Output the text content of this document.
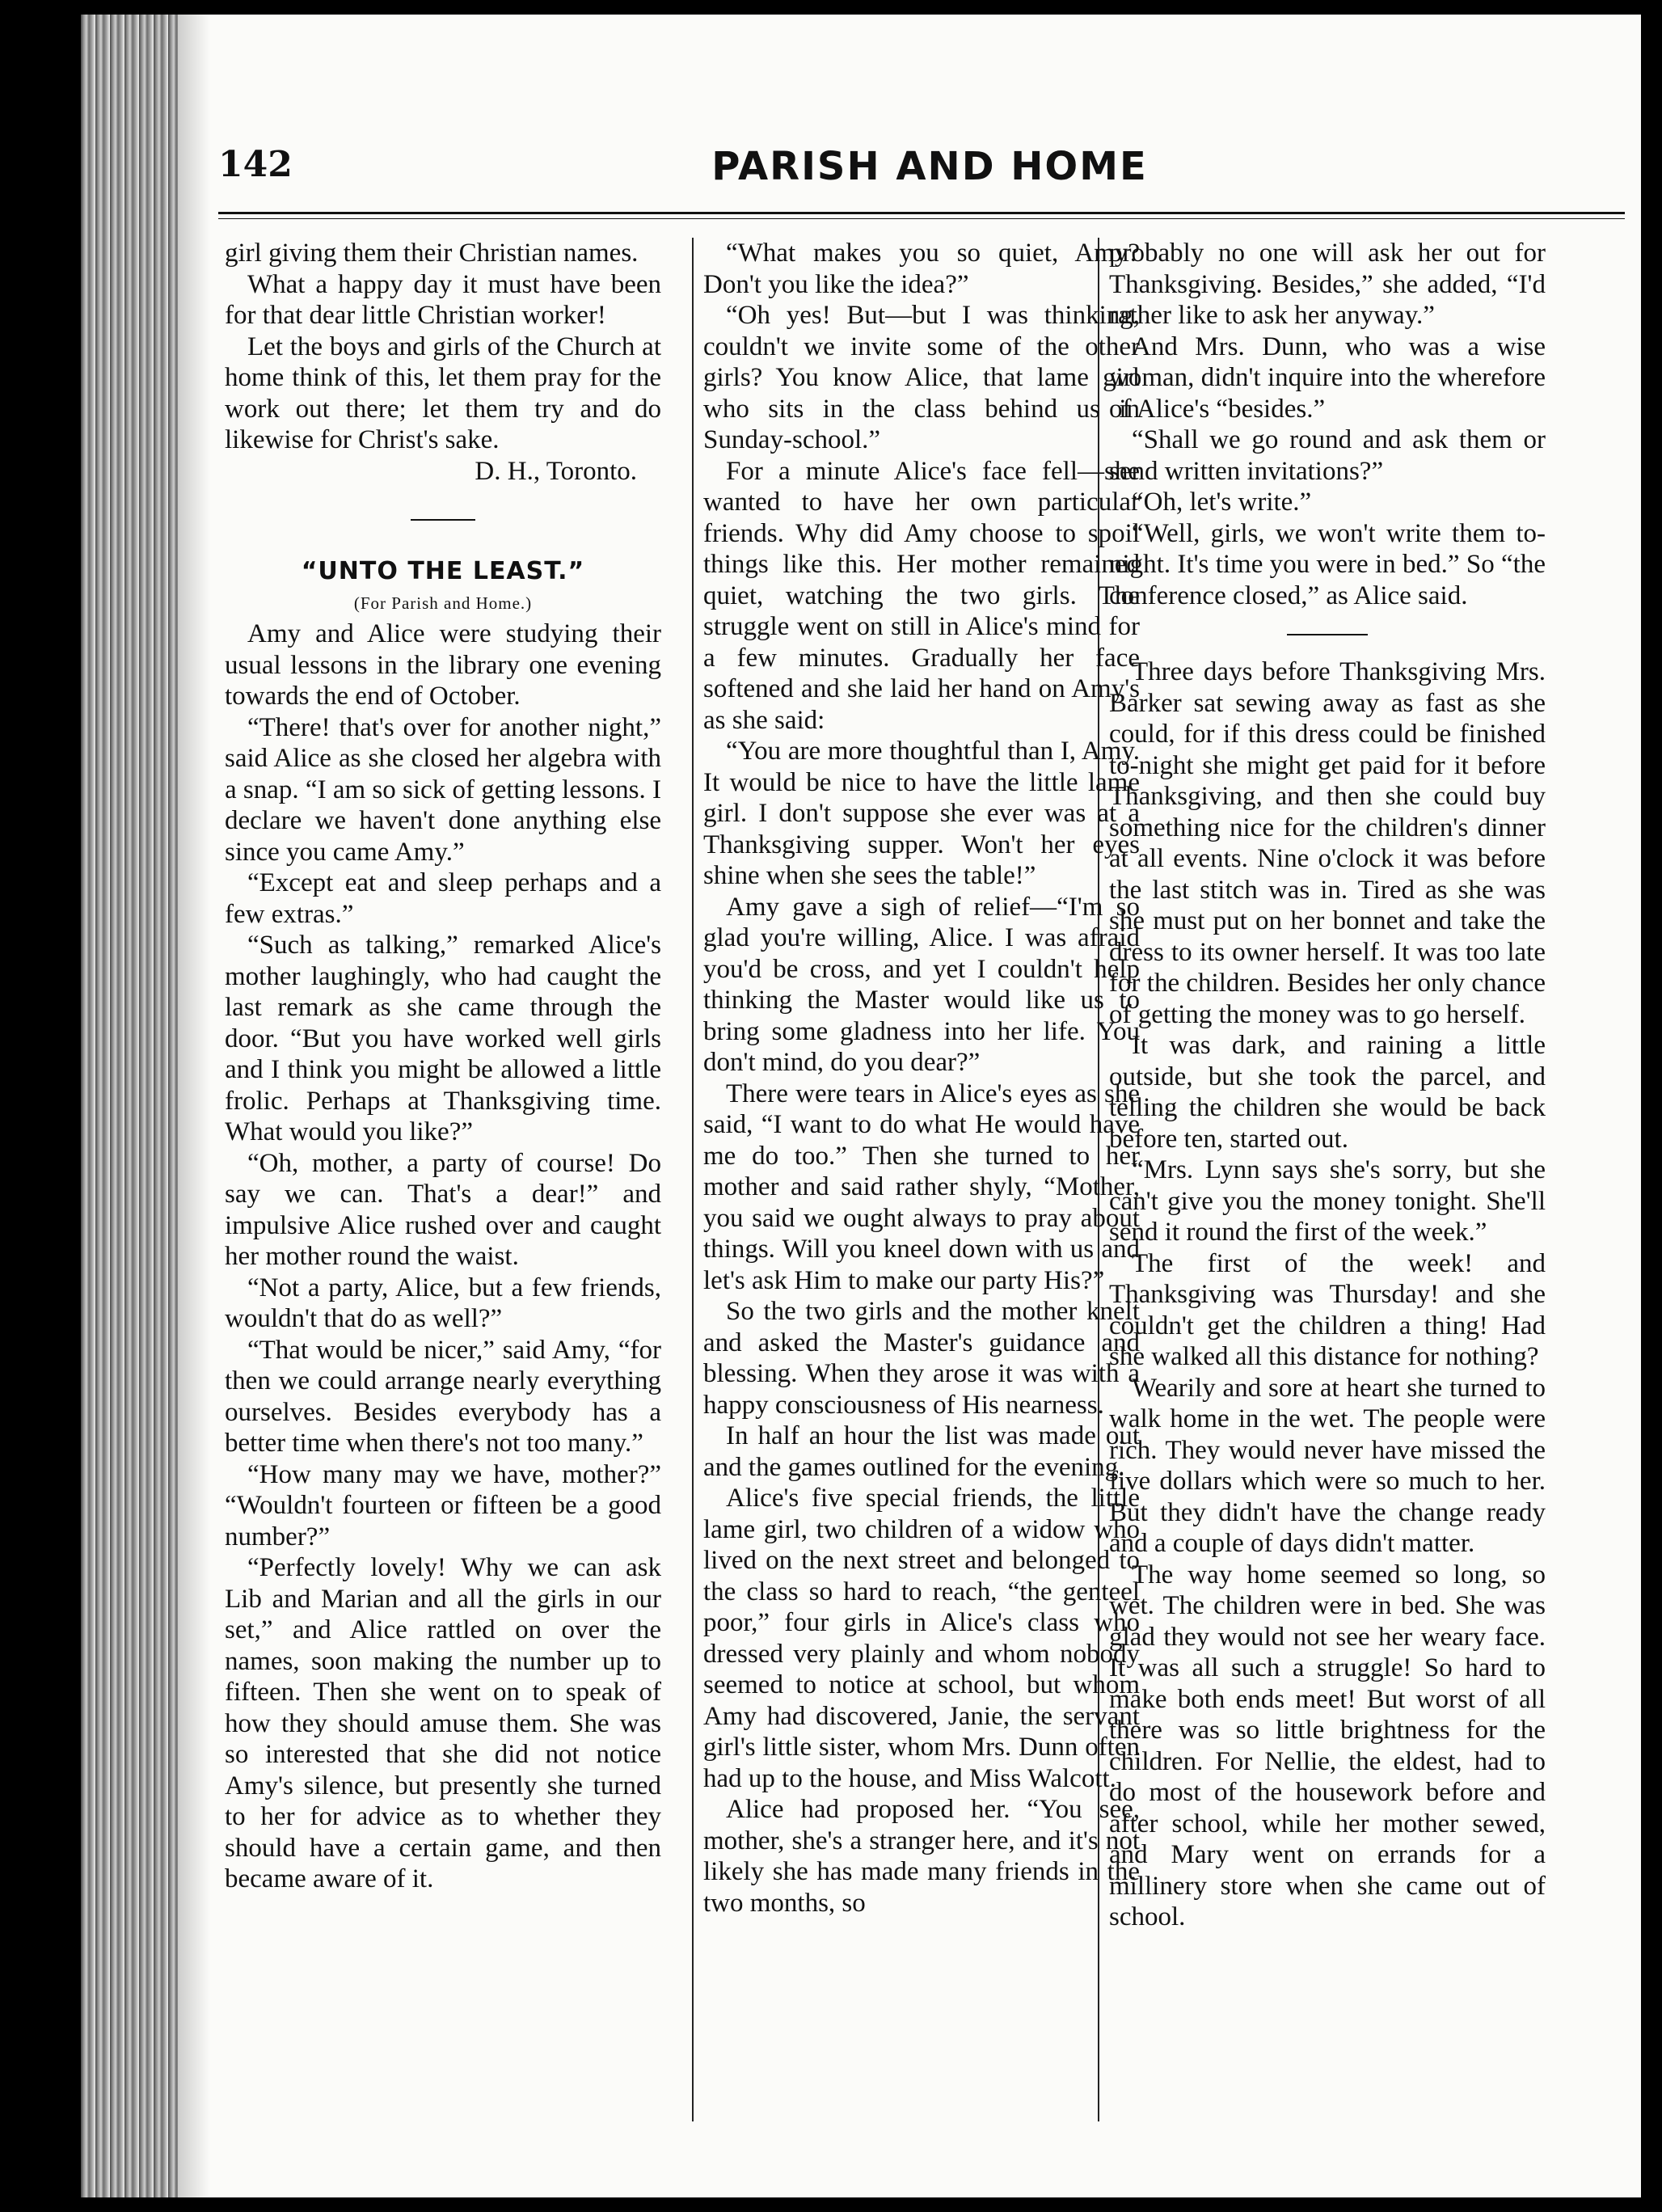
142	PARISH AND HOME

girl giving them their Christian names.

What a happy day it must have been for that dear little Christian worker!

Let the boys and girls of the Church at home think of this, let them pray for the work out there; let them try and do likewise for Christ's sake.

D. H., Toronto.

“UNTO THE LEAST.”

(For Parish and Home.)

Amy and Alice were studying their usual lessons in the library one evening towards the end of October.

“There! that's over for another night,” said Alice as she closed her algebra with a snap. “I am so sick of getting lessons. I declare we haven't done anything else since you came Amy.”

“Except eat and sleep perhaps and a few extras.”

“Such as talking,” remarked Alice's mother laughingly, who had caught the last remark as she came through the door. “But you have worked well girls and I think you might be allowed a little frolic. Perhaps at Thanksgiving time. What would you like?”

“Oh, mother, a party of course! Do say we can. That's a dear!” and impulsive Alice rushed over and caught her mother round the waist.

“Not a party, Alice, but a few friends, wouldn't that do as well?”

“That would be nicer,” said Amy, “for then we could arrange nearly everything ourselves. Besides everybody has a better time when there's not too many.”

“How many may we have, mother?” “Wouldn't fourteen or fifteen be a good number?”

“Perfectly lovely! Why we can ask Lib and Marian and all the girls in our set,” and Alice rattled on over the names, soon making the number up to fifteen. Then she went on to speak of how they should amuse them. She was so interested that she did not notice Amy's silence, but presently she turned to her for advice as to whether they should have a certain game, and then became aware of it.

“What makes you so quiet, Amy? Don't you like the idea?”

“Oh yes! But—but I was thinking, couldn't we invite some of the other girls? You know Alice, that lame girl who sits in the class behind us in Sunday-school.”

For a minute Alice's face fell—she wanted to have her own particular friends. Why did Amy choose to spoil things like this. Her mother remained quiet, watching the two girls. The struggle went on still in Alice's mind for a few minutes. Gradually her face softened and she laid her hand on Amy's as she said:

“You are more thoughtful than I, Amy. It would be nice to have the little lame girl. I don't suppose she ever was at a Thanksgiving supper. Won't her eyes shine when she sees the table!”

Amy gave a sigh of relief—“I'm so glad you're willing, Alice. I was afraid you'd be cross, and yet I couldn't help thinking the Master would like us to bring some gladness into her life. You don't mind, do you dear?”

There were tears in Alice's eyes as she said, “I want to do what He would have me do too.” Then she turned to her mother and said rather shyly, “Mother, you said we ought always to pray about things. Will you kneel down with us and let's ask Him to make our party His?”

So the two girls and the mother knelt and asked the Master's guidance and blessing. When they arose it was with a happy consciousness of His nearness.

In half an hour the list was made out and the games outlined for the evening.

Alice's five special friends, the little lame girl, two children of a widow who lived on the next street and belonged to the class so hard to reach, “the genteel poor,” four girls in Alice's class who dressed very plainly and whom nobody seemed to notice at school, but whom Amy had discovered, Janie, the servant girl's little sister, whom Mrs. Dunn often had up to the house, and Miss Walcott.

Alice had proposed her. “You see, mother, she's a stranger here, and it's not likely she has made many friends in the two months, so

probably no one will ask her out for Thanksgiving. Besides,” she added, “I'd rather like to ask her anyway.”

And Mrs. Dunn, who was a wise woman, didn't inquire into the wherefore of Alice's “besides.”

“Shall we go round and ask them or send written invitations?”

“Oh, let's write.”

“Well, girls, we won't write them to-night. It's time you were in bed.” So “the conference closed,” as Alice said.

Three days before Thanksgiving Mrs. Barker sat sewing away as fast as she could, for if this dress could be finished to-night she might get paid for it before Thanksgiving, and then she could buy something nice for the children's dinner at all events. Nine o'clock it was before the last stitch was in. Tired as she was she must put on her bonnet and take the dress to its owner herself. It was too late for the children. Besides her only chance of getting the money was to go herself.

It was dark, and raining a little outside, but she took the parcel, and telling the children she would be back before ten, started out.

“Mrs. Lynn says she's sorry, but she can't give you the money tonight. She'll send it round the first of the week.”

The first of the week! and Thanksgiving was Thursday! and she couldn't get the children a thing! Had she walked all this distance for nothing?

Wearily and sore at heart she turned to walk home in the wet. The people were rich. They would never have missed the five dollars which were so much to her. But they didn't have the change ready and a couple of days didn't matter.

The way home seemed so long, so wet. The children were in bed. She was glad they would not see her weary face. It was all such a struggle! So hard to make both ends meet! But worst of all there was so little brightness for the children. For Nellie, the eldest, had to do most of the housework before and after school, while her mother sewed, and Mary went on errands for a millinery store when she came out of school.
